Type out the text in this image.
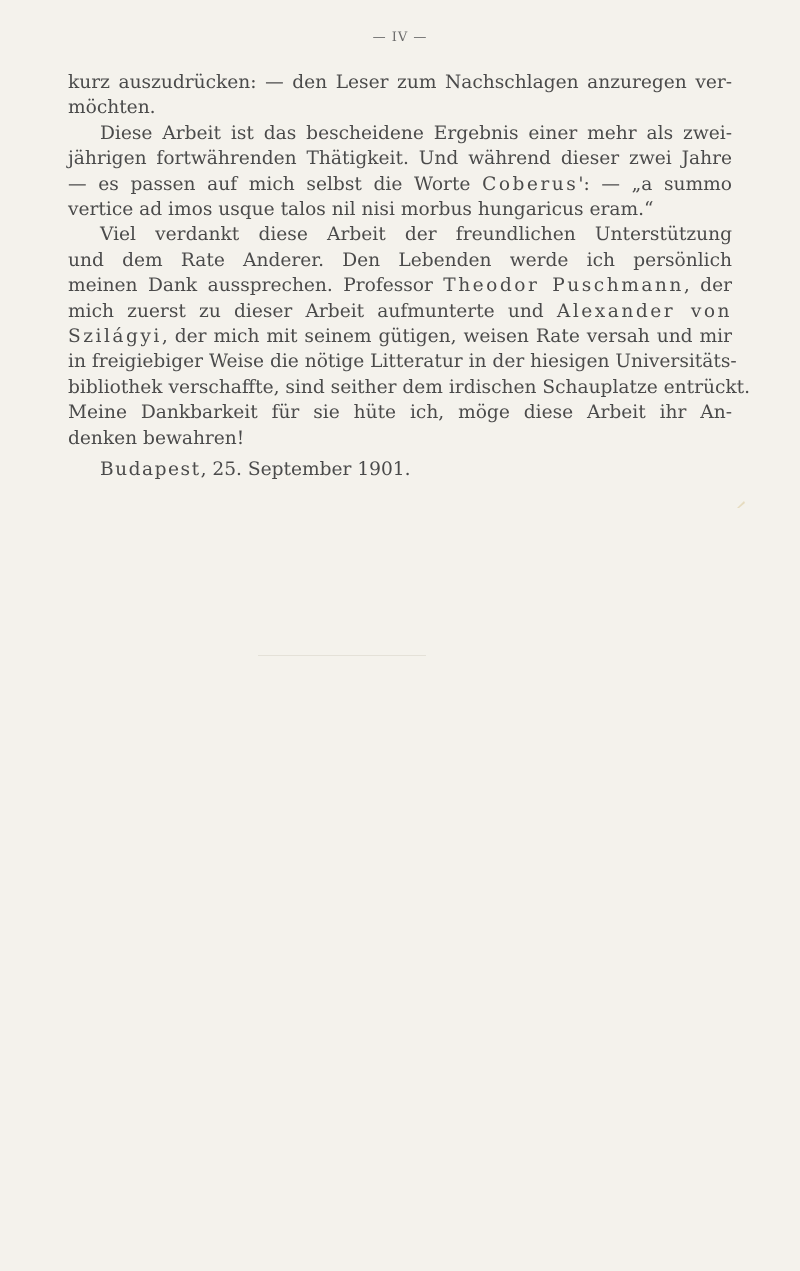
— IV —
kurz auszudrücken: — den Leser zum Nachschlagen anzuregen ver-
möchten.
Diese Arbeit ist das bescheidene Ergebnis einer mehr als zwei-
jährigen fortwährenden Thätigkeit. Und während dieser zwei Jahre
— es passen auf mich selbst die Worte Coberus': — „a summo
vertice ad imos usque talos nil nisi morbus hungaricus eram.“
Viel verdankt diese Arbeit der freundlichen Unterstützung
und dem Rate Anderer. Den Lebenden werde ich persönlich
meinen Dank aussprechen. Professor Theodor Puschmann, der
mich zuerst zu dieser Arbeit aufmunterte und Alexander von
Szilágyi, der mich mit seinem gütigen, weisen Rate versah und mir
in freigiebiger Weise die nötige Litteratur in der hiesigen Universitäts-
bibliothek verschaffte, sind seither dem irdischen Schauplatze entrückt.
Meine Dankbarkeit für sie hüte ich, möge diese Arbeit ihr An-
denken bewahren!
Budapest, 25. September 1901.
